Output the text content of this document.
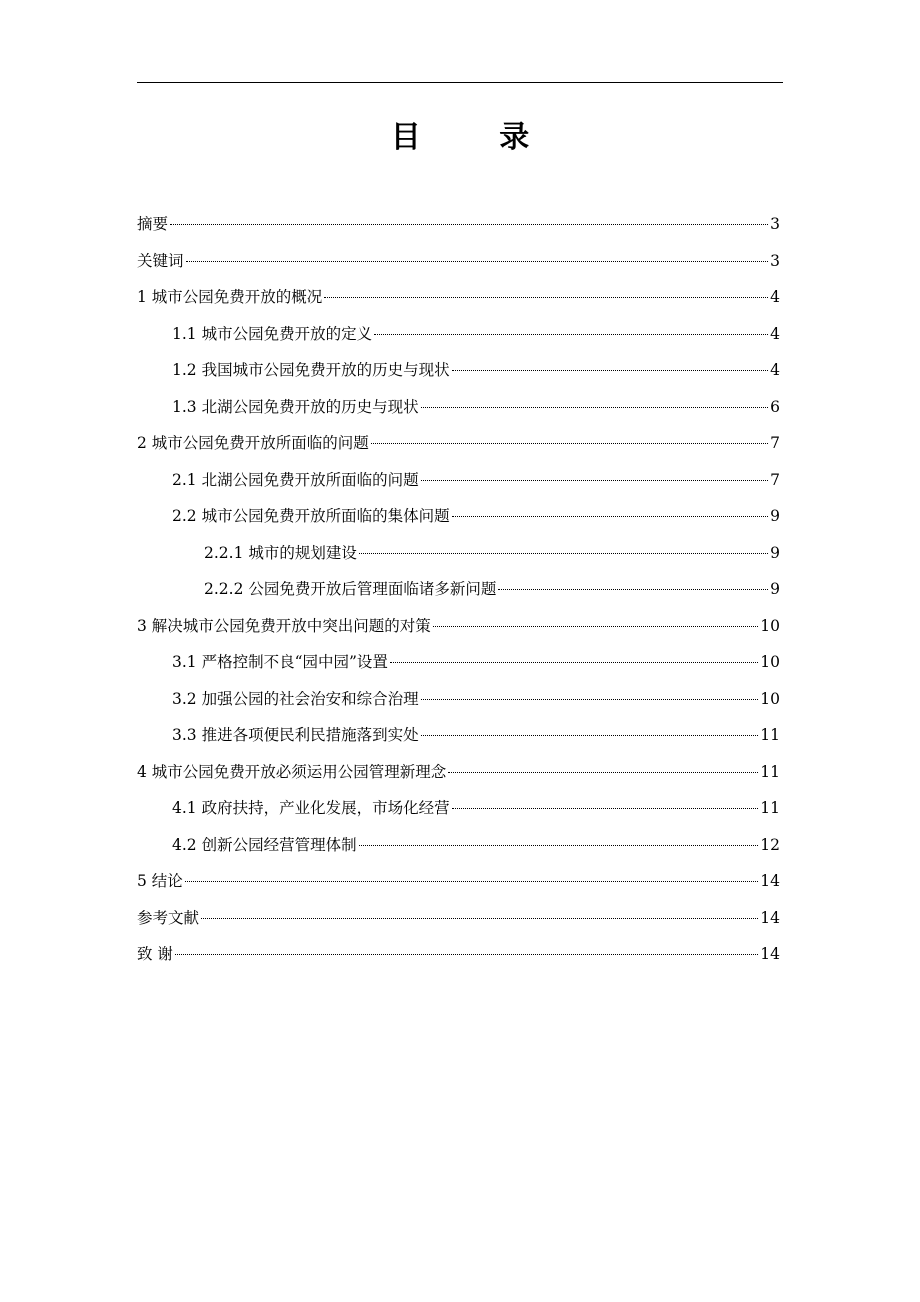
目 录
摘要	3
关键词	3
1 城市公园免费开放的概况	4
1.1 城市公园免费开放的定义	4
1.2 我国城市公园免费开放的历史与现状	4
1.3 北湖公园免费开放的历史与现状	6
2 城市公园免费开放所面临的问题	7
2.1 北湖公园免费开放所面临的问题	7
2.2 城市公园免费开放所面临的集体问题	9
2.2.1 城市的规划建设	9
2.2.2 公园免费开放后管理面临诸多新问题	9
3 解决城市公园免费开放中突出问题的对策	10
3.1 严格控制不良“园中园”设置	10
3.2 加强公园的社会治安和综合治理	10
3.3 推进各项便民利民措施落到实处	11
4 城市公园免费开放必须运用公园管理新理念	11
4.1 政府扶持，产业化发展，市场化经营	11
4.2 创新公园经营管理体制	12
5 结论	14
参考文献	14
致 谢	14
